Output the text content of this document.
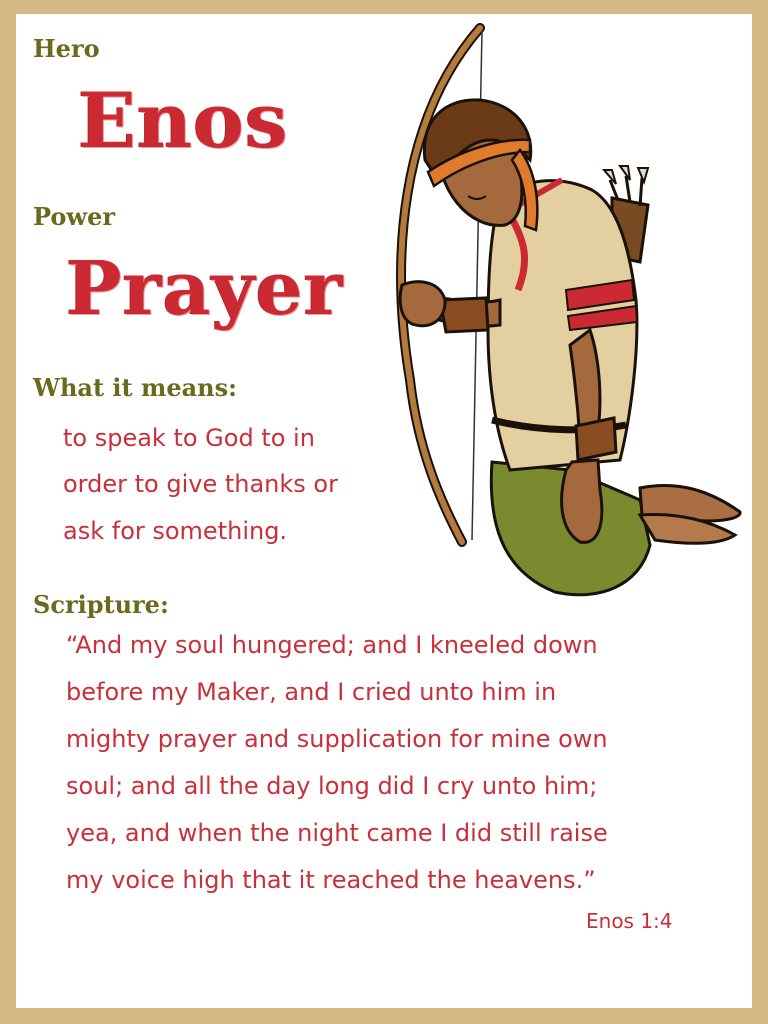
Hero
Enos
Power
Prayer
What it means:
to speak to God to in
order to give thanks or
ask for something.
Scripture:
“And my soul hungered; and I kneeled down
before my Maker, and I cried unto him in
mighty prayer and supplication for mine own
soul; and all the day long did I cry unto him;
yea, and when the night came I did still raise
my voice high that it reached the heavens.”
Enos 1:4
